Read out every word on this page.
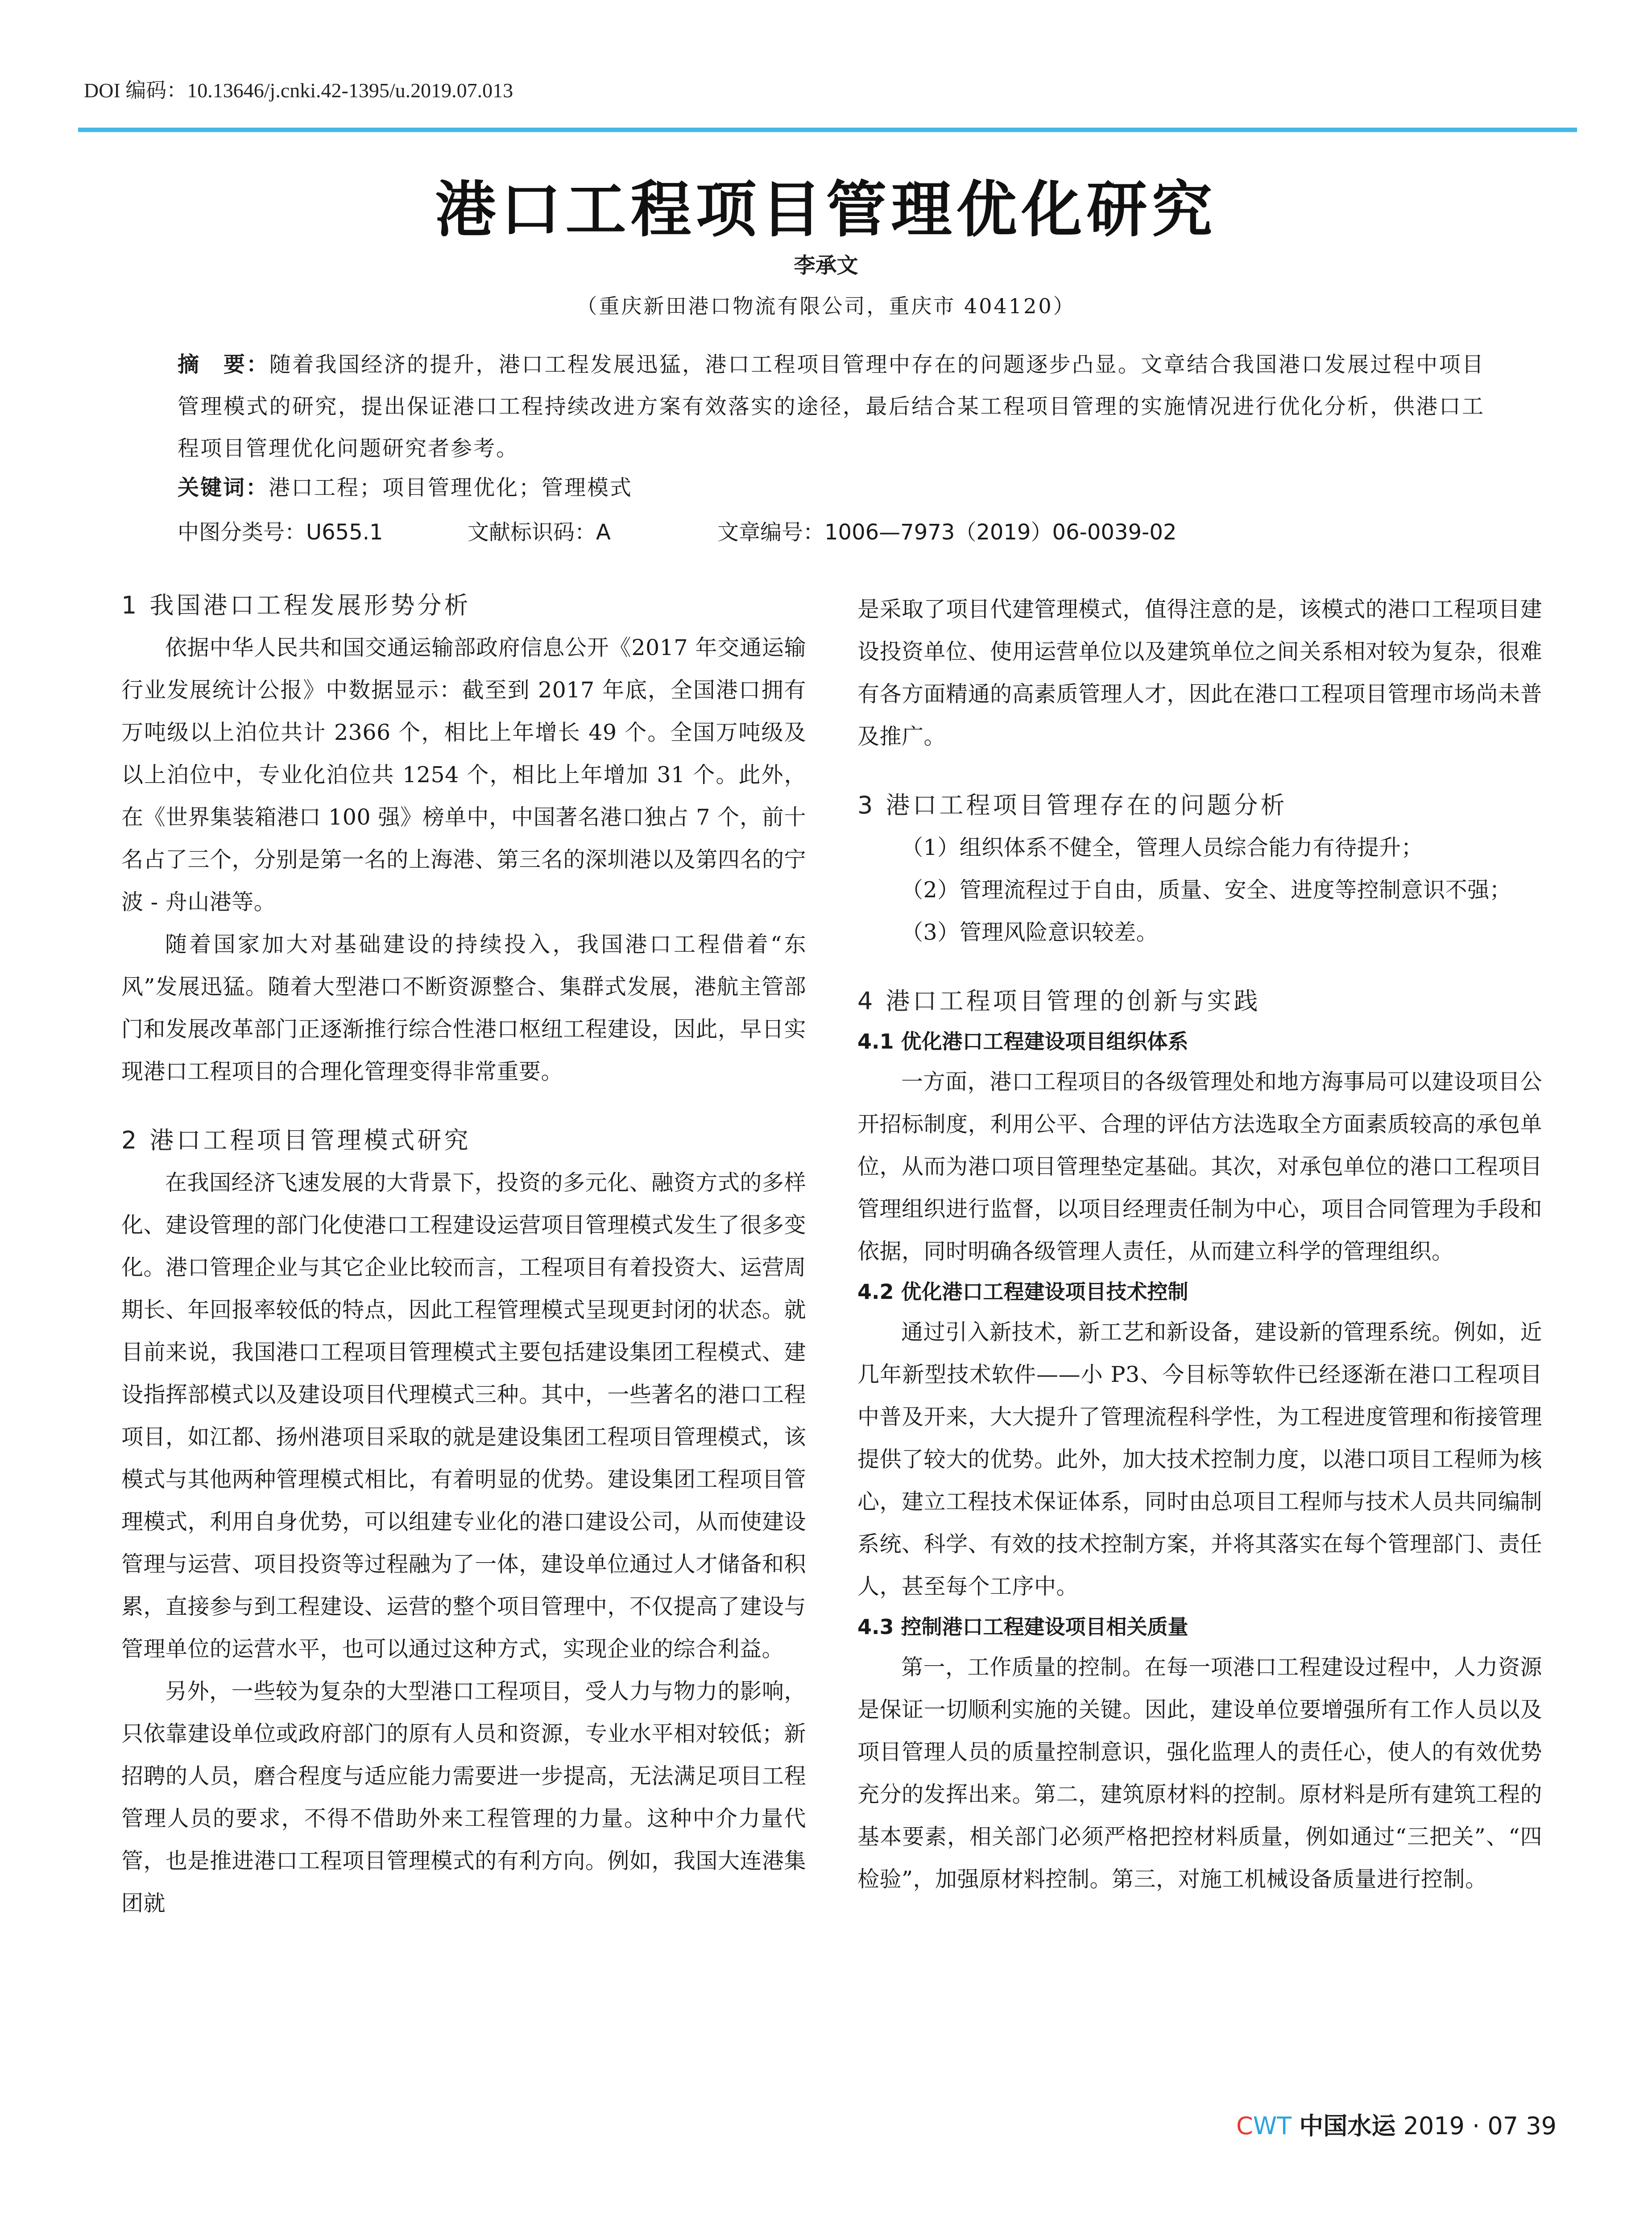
DOI 编码：10.13646/j.cnki.42-1395/u.2019.07.013
港口工程项目管理优化研究
李承文
（重庆新田港口物流有限公司，重庆市 404120）
摘　要：随着我国经济的提升，港口工程发展迅猛，港口工程项目管理中存在的问题逐步凸显。文章结合我国港口发展过程中项目管理模式的研究，提出保证港口工程持续改进方案有效落实的途径，最后结合某工程项目管理的实施情况进行优化分析，供港口工程项目管理优化问题研究者参考。
关键词：港口工程；项目管理优化；管理模式
中图分类号：U655.1	文献标识码：A	文章编号：1006—7973（2019）06-0039-02
1 我国港口工程发展形势分析

依据中华人民共和国交通运输部政府信息公开《2017 年交通运输行业发展统计公报》中数据显示：截至到 2017 年底，全国港口拥有万吨级以上泊位共计 2366 个，相比上年增长 49 个。全国万吨级及以上泊位中，专业化泊位共 1254 个，相比上年增加 31 个。此外，在《世界集装箱港口 100 强》榜单中，中国著名港口独占 7 个，前十名占了三个，分别是第一名的上海港、第三名的深圳港以及第四名的宁波 - 舟山港等。

随着国家加大对基础建设的持续投入，我国港口工程借着“东风”发展迅猛。随着大型港口不断资源整合、集群式发展，港航主管部门和发展改革部门正逐渐推行综合性港口枢纽工程建设，因此，早日实现港口工程项目的合理化管理变得非常重要。

2 港口工程项目管理模式研究

在我国经济飞速发展的大背景下，投资的多元化、融资方式的多样化、建设管理的部门化使港口工程建设运营项目管理模式发生了很多变化。港口管理企业与其它企业比较而言，工程项目有着投资大、运营周期长、年回报率较低的特点，因此工程管理模式呈现更封闭的状态。就目前来说，我国港口工程项目管理模式主要包括建设集团工程模式、建设指挥部模式以及建设项目代理模式三种。其中，一些著名的港口工程项目，如江都、扬州港项目采取的就是建设集团工程项目管理模式，该模式与其他两种管理模式相比，有着明显的优势。建设集团工程项目管理模式，利用自身优势，可以组建专业化的港口建设公司，从而使建设管理与运营、项目投资等过程融为了一体，建设单位通过人才储备和积累，直接参与到工程建设、运营的整个项目管理中，不仅提高了建设与管理单位的运营水平，也可以通过这种方式，实现企业的综合利益。

另外，一些较为复杂的大型港口工程项目，受人力与物力的影响，只依靠建设单位或政府部门的原有人员和资源，专业水平相对较低；新招聘的人员，磨合程度与适应能力需要进一步提高，无法满足项目工程管理人员的要求，不得不借助外来工程管理的力量。这种中介力量代管，也是推进港口工程项目管理模式的有利方向。例如，我国大连港集团就

是采取了项目代建管理模式，值得注意的是，该模式的港口工程项目建设投资单位、使用运营单位以及建筑单位之间关系相对较为复杂，很难有各方面精通的高素质管理人才，因此在港口工程项目管理市场尚未普及推广。

3 港口工程项目管理存在的问题分析

（1）组织体系不健全，管理人员综合能力有待提升；

（2）管理流程过于自由，质量、安全、进度等控制意识不强；

（3）管理风险意识较差。

4 港口工程项目管理的创新与实践
4.1 优化港口工程建设项目组织体系

一方面，港口工程项目的各级管理处和地方海事局可以建设项目公开招标制度，利用公平、合理的评估方法选取全方面素质较高的承包单位，从而为港口项目管理垫定基础。其次，对承包单位的港口工程项目管理组织进行监督，以项目经理责任制为中心，项目合同管理为手段和依据，同时明确各级管理人责任，从而建立科学的管理组织。

4.2 优化港口工程建设项目技术控制

通过引入新技术，新工艺和新设备，建设新的管理系统。例如，近几年新型技术软件——小 P3、今目标等软件已经逐渐在港口工程项目中普及开来，大大提升了管理流程科学性，为工程进度管理和衔接管理提供了较大的优势。此外，加大技术控制力度，以港口项目工程师为核心，建立工程技术保证体系，同时由总项目工程师与技术人员共同编制系统、科学、有效的技术控制方案，并将其落实在每个管理部门、责任人，甚至每个工序中。

4.3 控制港口工程建设项目相关质量

第一，工作质量的控制。在每一项港口工程建设过程中，人力资源是保证一切顺利实施的关键。因此，建设单位要增强所有工作人员以及项目管理人员的质量控制意识，强化监理人的责任心，使人的有效优势充分的发挥出来。第二，建筑原材料的控制。原材料是所有建筑工程的基本要素，相关部门必须严格把控材料质量，例如通过“三把关”、“四检验”，加强原材料控制。第三，对施工机械设备质量进行控制。

CWT 中国水运 2019 · 07 39
